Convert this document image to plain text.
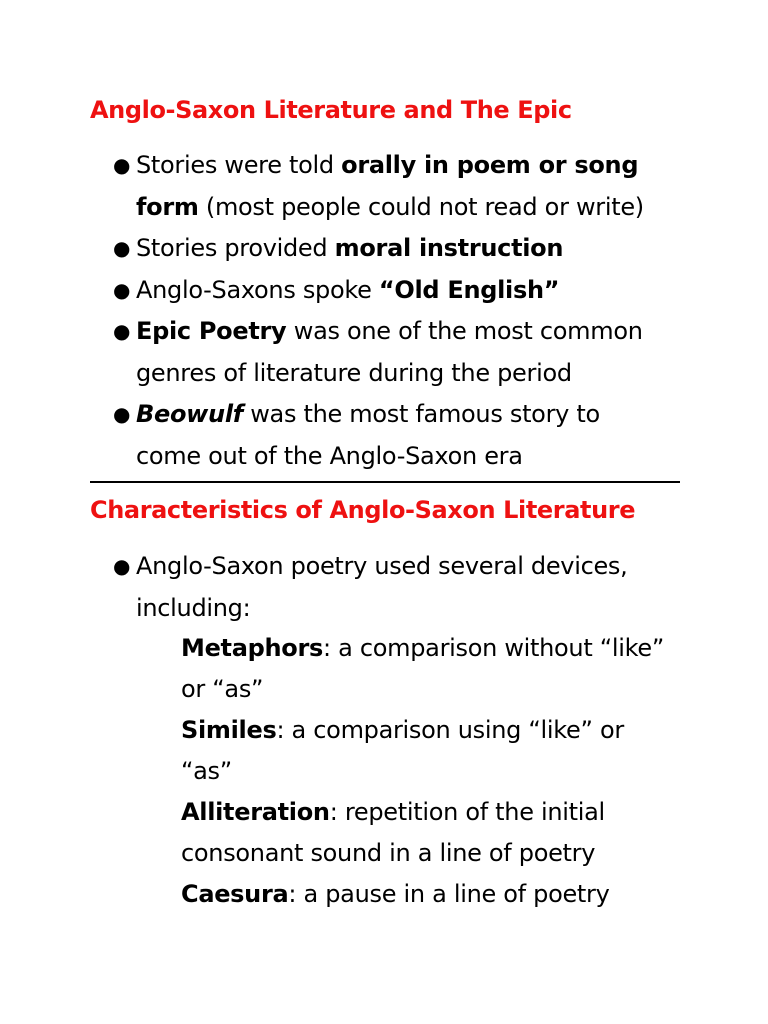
Anglo-Saxon Literature and The Epic
● Stories were told orally in poem or song
form (most people could not read or write)
● Stories provided moral instruction
● Anglo-Saxons spoke “Old English”
● Epic Poetry was one of the most common
genres of literature during the period
● Beowulf was the most famous story to
come out of the Anglo-Saxon era
Characteristics of Anglo-Saxon Literature
● Anglo-Saxon poetry used several devices,
including:
Metaphors: a comparison without “like”
or “as”
Similes: a comparison using “like” or
“as”
Alliteration: repetition of the initial
consonant sound in a line of poetry
Caesura: a pause in a line of poetry
